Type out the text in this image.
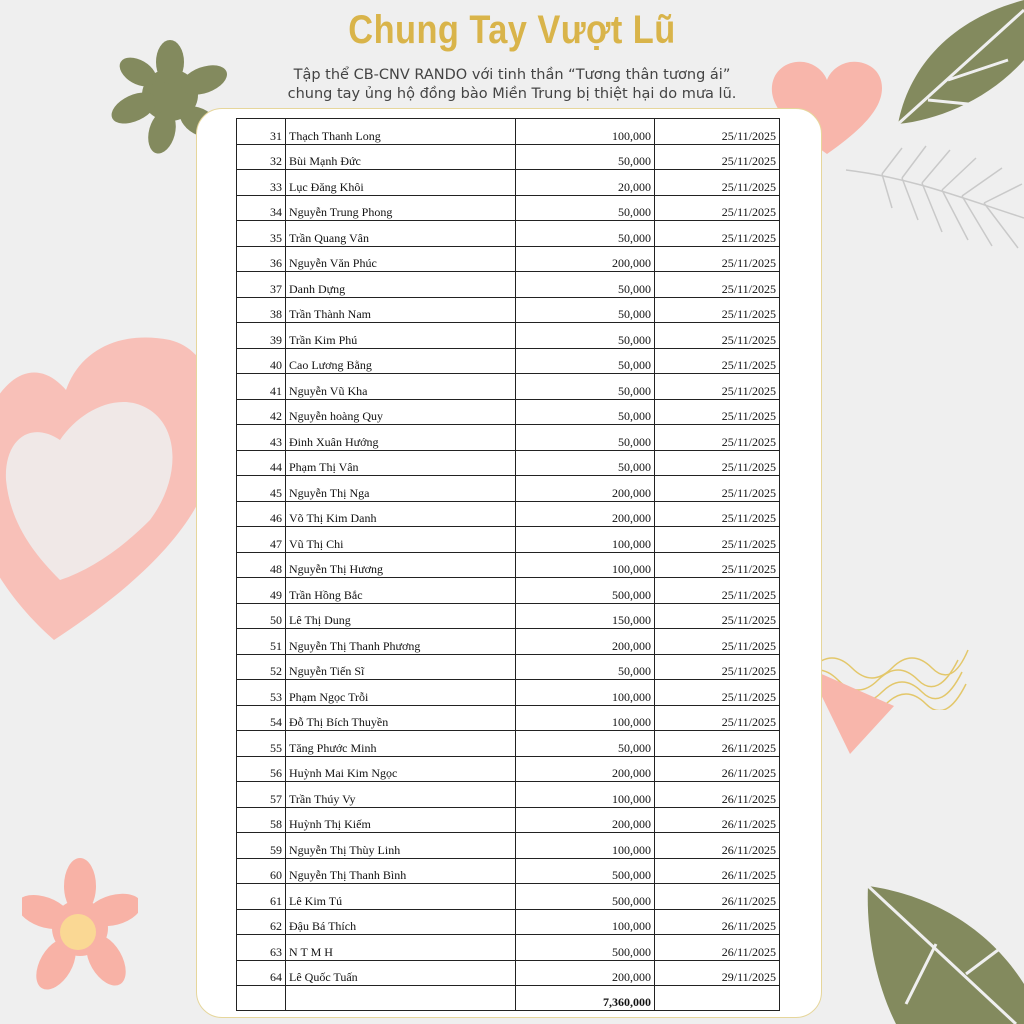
Chung Tay Vượt Lũ
Tập thể CB-CNV RANDO với tinh thần “Tương thân tương ái”
chung tay ủng hộ đồng bào Miền Trung bị thiệt hại do mưa lũ.
31	Thạch Thanh Long	100,000	25/11/2025
32	Bùi Mạnh Đức	50,000	25/11/2025
33	Lục Đăng Khôi	20,000	25/11/2025
34	Nguyễn Trung Phong	50,000	25/11/2025
35	Trần Quang Vân	50,000	25/11/2025
36	Nguyễn Văn Phúc	200,000	25/11/2025
37	Danh Dựng	50,000	25/11/2025
38	Trần Thành Nam	50,000	25/11/2025
39	Trần Kim Phú	50,000	25/11/2025
40	Cao Lương Bằng	50,000	25/11/2025
41	Nguyễn Vũ Kha	50,000	25/11/2025
42	Nguyễn hoàng Quy	50,000	25/11/2025
43	Đinh Xuân Hướng	50,000	25/11/2025
44	Phạm Thị Vân	50,000	25/11/2025
45	Nguyễn Thị Nga	200,000	25/11/2025
46	Võ Thị Kim Danh	200,000	25/11/2025
47	Vũ Thị Chi	100,000	25/11/2025
48	Nguyễn Thị Hương	100,000	25/11/2025
49	Trần Hồng Bắc	500,000	25/11/2025
50	Lê Thị Dung	150,000	25/11/2025
51	Nguyễn Thị Thanh Phương	200,000	25/11/2025
52	Nguyễn Tiến Sĩ	50,000	25/11/2025
53	Phạm Ngọc Trỗi	100,000	25/11/2025
54	Đỗ Thị Bích Thuyền	100,000	25/11/2025
55	Tăng Phước Minh	50,000	26/11/2025
56	Huỳnh Mai Kim Ngọc	200,000	26/11/2025
57	Trần Thúy Vy	100,000	26/11/2025
58	Huỳnh Thị Kiếm	200,000	26/11/2025
59	Nguyễn Thị Thùy Linh	100,000	26/11/2025
60	Nguyễn Thị Thanh Bình	500,000	26/11/2025
61	Lê Kim Tú	500,000	26/11/2025
62	Đậu Bá Thích	100,000	26/11/2025
63	N T M H	500,000	26/11/2025
64	Lê Quốc Tuấn	200,000	29/11/2025
		7,360,000	
